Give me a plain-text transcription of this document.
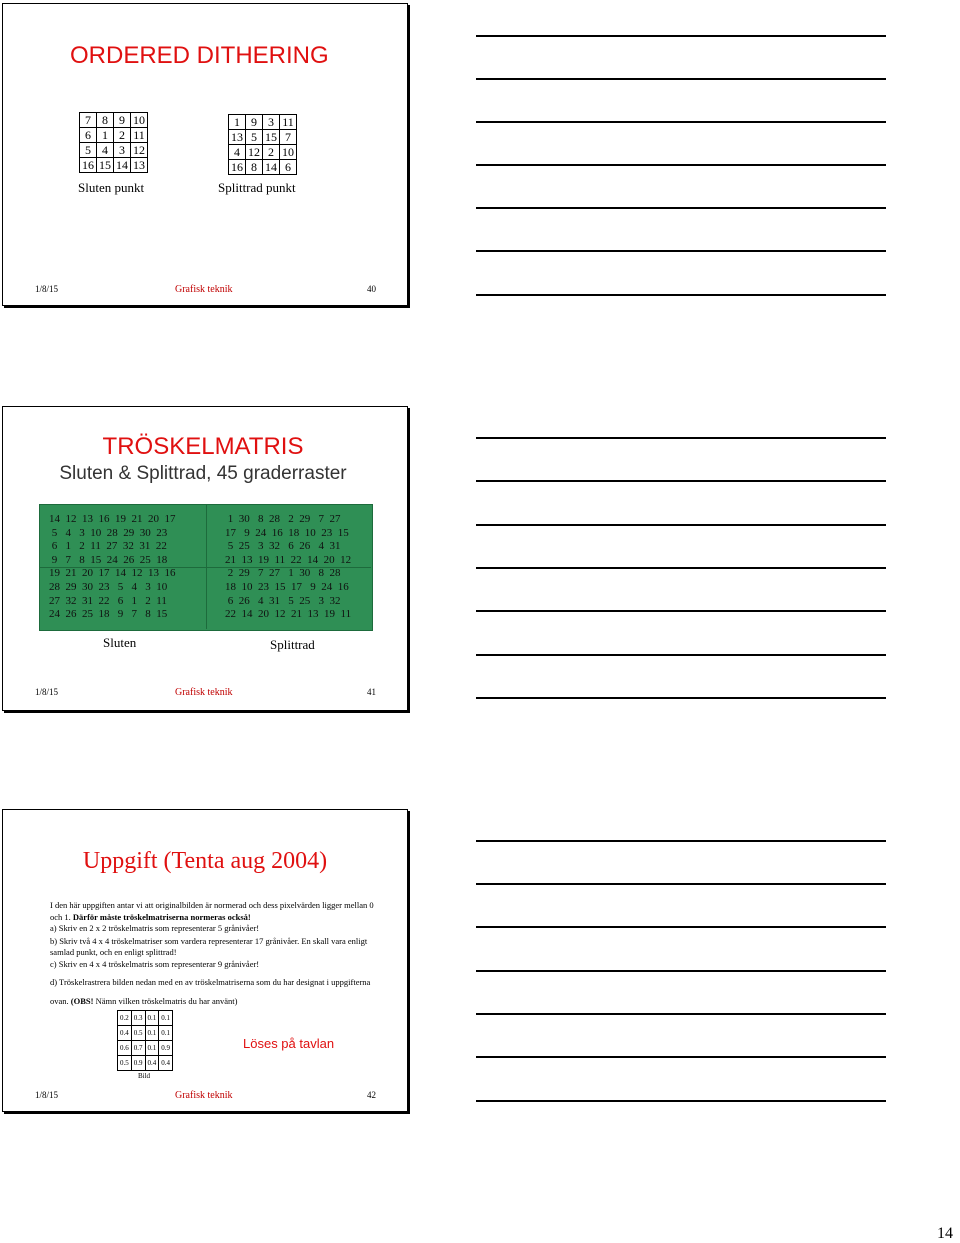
ORDERED DITHERING
7	8	9	10
6	1	2	11
5	4	3	12
16	15	14	13
Sluten punkt
1	9	3	11
13	5	15	7
4	12	2	10
16	8	14	6
Splittrad punkt
1/8/15	Grafisk teknik	40
TRÖSKELMATRIS
Sluten & Splittrad, 45 graderraster
14  12  13  16  19  21  20  17
5   4   3  10  28  29  30  23
6   1   2  11  27  32  31  22
9   7   8  15  24  26  25  18
19  21  20  17  14  12  13  16
28  29  30  23   5   4   3  10
27  32  31  22   6   1   2  11
24  26  25  18   9   7   8  15
1  30   8  28   2  29   7  27
17   9  24  16  18  10  23  15
5  25   3  32   6  26   4  31
21  13  19  11  22  14  20  12
2  29   7  27   1  30   8  28
18  10  23  15  17   9  24  16
6  26   4  31   5  25   3  32
22  14  20  12  21  13  19  11
Sluten	Splittrad
1/8/15	Grafisk teknik	41
Uppgift (Tenta aug 2004)
I den här uppgiften antar vi att originalbilden är normerad och dess pixelvärden ligger mellan 0 och 1. Därför måste tröskelmatriserna normeras också!
a) Skriv en 2 x 2 tröskelmatris som representerar 5 grånivåer!
b) Skriv två 4 x 4 tröskelmatriser som vardera representerar 17 grånivåer. En skall vara enligt samlad punkt, och en enligt splittrad!
c) Skriv en 4 x 4 tröskelmatris som representerar 9 grånivåer!
d) Tröskelrastrera bilden nedan med en av tröskelmatriserna som du har designat i uppgifterna ovan. (OBS! Nämn vilken tröskelmatris du har använt)
0.2	0.3	0.1	0.1
0.4	0.5	0.1	0.1
0.6	0.7	0.1	0.9
0.5	0.9	0.4	0.4
Bild
Löses på tavlan
1/8/15	Grafisk teknik	42
14
